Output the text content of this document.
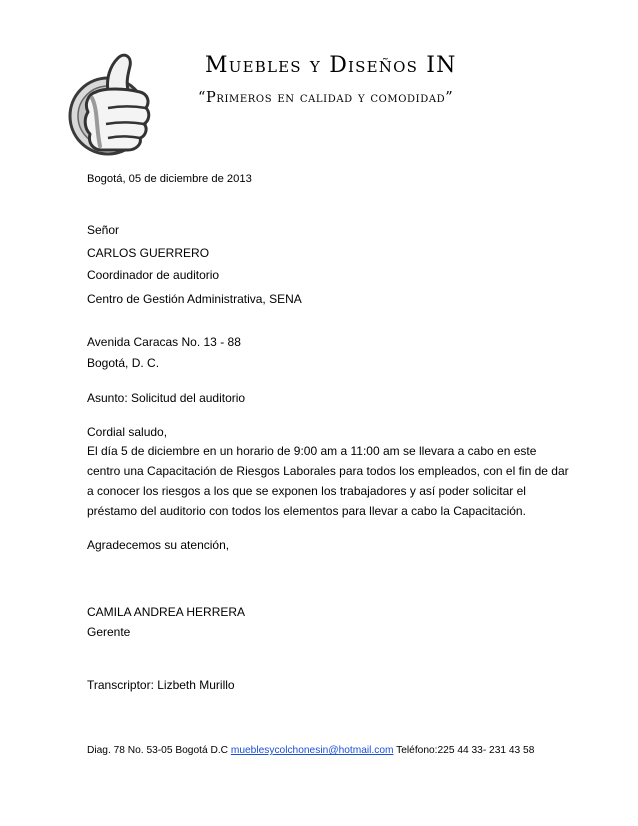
Muebles y Diseños IN
“Primeros en calidad y comodidad”
Bogotá, 05 de diciembre de 2013
Señor
CARLOS GUERRERO
Coordinador de auditorio
Centro de Gestión Administrativa, SENA
Avenida Caracas No. 13 - 88
Bogotá, D. C.
Asunto: Solicitud del auditorio
Cordial saludo,
El día 5 de diciembre en un horario de 9:00 am a 11:00 am se llevara a cabo en este
centro una Capacitación de Riesgos Laborales para todos los empleados, con el fin de dar
a conocer los riesgos a los que se exponen los trabajadores y así poder solicitar el
préstamo del auditorio con todos los elementos para llevar a cabo la Capacitación.
Agradecemos su atención,
CAMILA ANDREA HERRERA
Gerente
Transcriptor: Lizbeth Murillo
Diag. 78 No. 53-05 Bogotá D.C mueblesycolchonesin@hotmail.com Teléfono:225 44 33- 231 43 58
